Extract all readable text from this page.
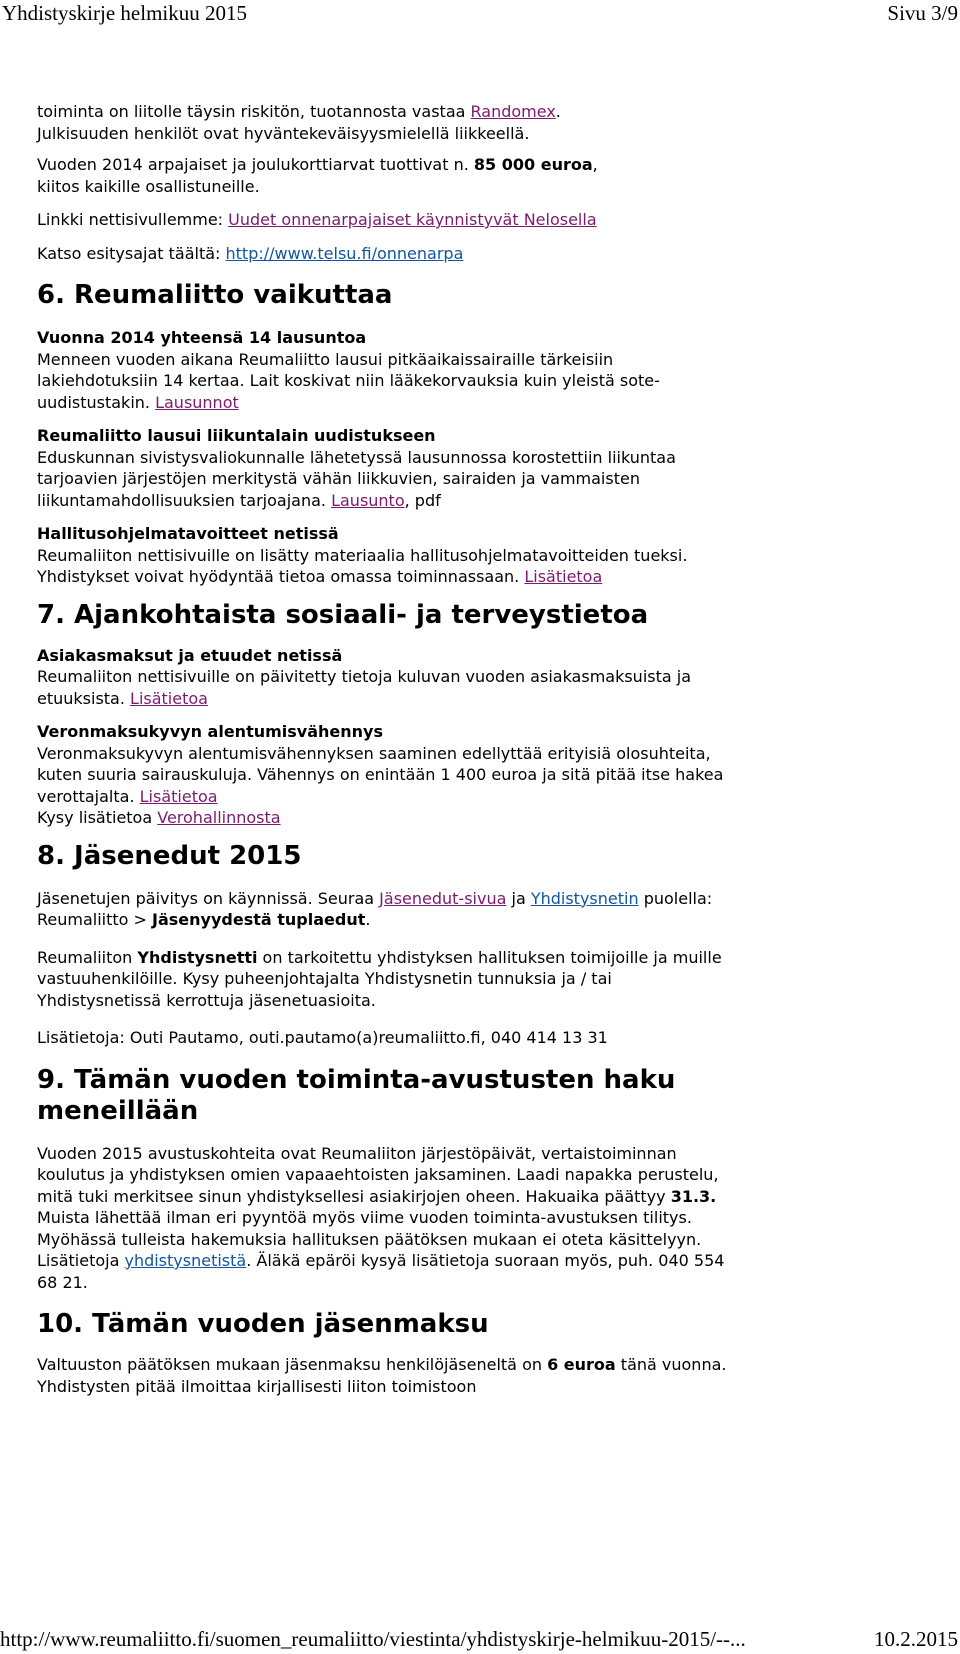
Yhdistyskirje helmikuu 2015	Sivu 3/9

toiminta on liitolle täysin riskitön, tuotannosta vastaa Randomex.
Julkisuuden henkilöt ovat hyväntekeväisyysmielellä liikkeellä.

Vuoden 2014 arpajaiset ja joulukorttiarvat tuottivat n. 85 000 euroa,
kiitos kaikille osallistuneille.

Linkki nettisivullemme: Uudet onnenarpajaiset käynnistyvät Nelosella

Katso esitysajat täältä: http://www.telsu.fi/onnenarpa

6. Reumaliitto vaikuttaa
Vuonna 2014 yhteensä 14 lausuntoa

Menneen vuoden aikana Reumaliitto lausui pitkäaikaissairaille tärkeisiin lakiehdotuksiin 14 kertaa. Lait koskivat niin lääkekorvauksia kuin yleistä sote-uudistustakin. Lausunnot

Reumaliitto lausui liikuntalain uudistukseen

Eduskunnan sivistysvaliokunnalle lähetetyssä lausunnossa korostettiin liikuntaa tarjoavien järjestöjen merkitystä vähän liikkuvien, sairaiden ja vammaisten liikuntamahdollisuuksien tarjoajana. Lausunto, pdf

Hallitusohjelmatavoitteet netissä

Reumaliiton nettisivuille on lisätty materiaalia hallitusohjelmatavoitteiden tueksi. Yhdistykset voivat hyödyntää tietoa omassa toiminnassaan. Lisätietoa

7. Ajankohtaista sosiaali- ja terveystietoa
Asiakasmaksut ja etuudet netissä

Reumaliiton nettisivuille on päivitetty tietoja kuluvan vuoden asiakasmaksuista ja etuuksista. Lisätietoa

Veronmaksukyvyn alentumisvähennys

Veronmaksukyvyn alentumisvähennyksen saaminen edellyttää erityisiä olosuhteita, kuten suuria sairauskuluja. Vähennys on enintään 1 400 euroa ja sitä pitää itse hakea verottajalta. Lisätietoa
Kysy lisätietoa Verohallinnosta

8. Jäsenedut 2015

Jäsenetujen päivitys on käynnissä. Seuraa Jäsenedut-sivua ja Yhdistysnetin puolella: Reumaliitto > Jäsenyydestä tuplaedut.

Reumaliiton Yhdistysnetti on tarkoitettu yhdistyksen hallituksen toimijoille ja muille vastuuhenkilöille. Kysy puheenjohtajalta Yhdistysnetin tunnuksia ja / tai Yhdistysnetissä kerrottuja jäsenetuasioita.

Lisätietoja: Outi Pautamo, outi.pautamo(a)reumaliitto.fi, 040 414 13 31

9. Tämän vuoden toiminta-avustusten haku meneillään

Vuoden 2015 avustuskohteita ovat Reumaliiton järjestöpäivät, vertaistoiminnan koulutus ja yhdistyksen omien vapaaehtoisten jaksaminen. Laadi napakka perustelu, mitä tuki merkitsee sinun yhdistyksellesi asiakirjojen oheen. Hakuaika päättyy 31.3.
Muista lähettää ilman eri pyyntöä myös viime vuoden toiminta-avustuksen tilitys. Myöhässä tulleista hakemuksia hallituksen päätöksen mukaan ei oteta käsittelyyn.
Lisätietoja yhdistysnetistä. Äläkä epäröi kysyä lisätietoja suoraan myös, puh. 040 554 68 21.

10. Tämän vuoden jäsenmaksu

Valtuuston päätöksen mukaan jäsenmaksu henkilöjäseneltä on 6 euroa tänä vuonna. Yhdistysten pitää ilmoittaa kirjallisesti liiton toimistoon

http://www.reumaliitto.fi/suomen_reumaliitto/viestinta/yhdistyskirje-helmikuu-2015/--...	10.2.2015
